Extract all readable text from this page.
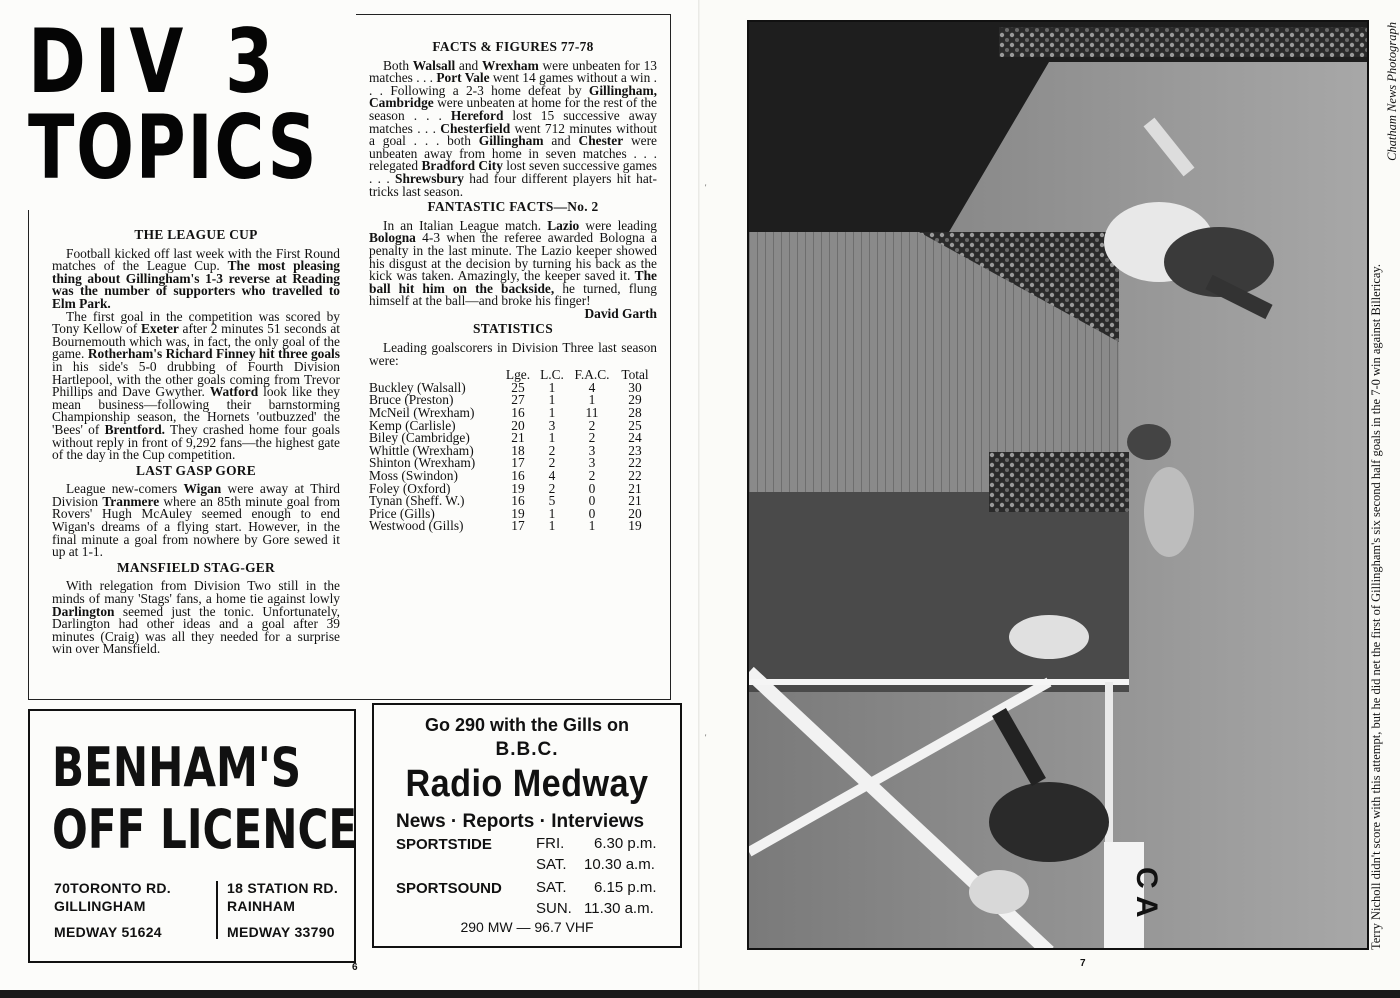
DIV 3
TOPICS
THE LEAGUE CUP

Football kicked off last week with the First Round matches of the League Cup. The most pleasing thing about Gillingham's 1-3 reverse at Reading was the number of supporters who travelled to Elm Park.

The first goal in the competition was scored by Tony Kellow of Exeter after 2 minutes 51 seconds at Bournemouth which was, in fact, the only goal of the game. Rotherham's Richard Finney hit three goals in his side's 5-0 drubbing of Fourth Division Hartlepool, with the other goals coming from Trevor Phillips and Dave Gwyther. Watford look like they mean business—following their barnstorming Championship season, the Hornets 'outbuzzed' the 'Bees' of Brentford. They crashed home four goals without reply in front of 9,292 fans—the highest gate of the day in the Cup competition.

LAST GASP GORE

League new-comers Wigan were away at Third Division Tranmere where an 85th minute goal from Rovers' Hugh McAuley seemed enough to end Wigan's dreams of a flying start. However, in the final minute a goal from nowhere by Gore sewed it up at 1-1.

MANSFIELD STAG-GER

With relegation from Division Two still in the minds of many 'Stags' fans, a home tie against lowly Darlington seemed just the tonic. Unfortunately, Darlington had other ideas and a goal after 39 minutes (Craig) was all they needed for a surprise win over Mansfield.

FACTS & FIGURES 77-78

Both Walsall and Wrexham were unbeaten for 13 matches . . . Port Vale went 14 games without a win . . . Following a 2-3 home defeat by Gillingham, Cambridge were unbeaten at home for the rest of the season . . . Hereford lost 15 successive away matches . . . Chesterfield went 712 minutes without a goal . . . both Gillingham and Chester were unbeaten away from home in seven matches . . . relegated Bradford City lost seven successive games . . . Shrewsbury had four different players hit hat-tricks last season.

FANTASTIC FACTS—No. 2

In an Italian League match. Lazio were leading Bologna 4-3 when the referee awarded Bologna a penalty in the last minute. The Lazio keeper showed his disgust at the decision by turning his back as the kick was taken. Amazingly, the keeper saved it. The ball hit him on the backside, he turned, flung himself at the ball—and broke his finger!
David Garth

STATISTICS

Leading goalscorers in Division Three last season were:

	Lge.	L.C.	F.A.C.	Total
Buckley (Walsall)	25	1	4	30
Bruce (Preston)	27	1	1	29
McNeil (Wrexham)	16	1	11	28
Kemp (Carlisle)	20	3	2	25
Biley (Cambridge)	21	1	2	24
Whittle (Wrexham)	18	2	3	23
Shinton (Wrexham)	17	2	3	22
Moss (Swindon)	16	4	2	22
Foley (Oxford)	19	2	0	21
Tynan (Sheff. W.)	16	5	0	21
Price (Gills)	19	1	0	20
Westwood (Gills)	17	1	1	19
BENHAM'S
OFF LICENCE
70TORONTO RD.
GILLINGHAM
MEDWAY 51624
18 STATION RD.
RAINHAM
MEDWAY 33790
Go 290 with the Gills on
B.B.C.
Radio Medway
News · Reports · Interviews
SPORTSTIDE	FRI. 6.30 p.m.
SAT. 10.30 a.m.
SPORTSOUND SAT. 6.15 p.m.
SUN. 11.30 a.m.
290 MW — 96.7 VHF
6	7
'
'
C A	Terry Nicholl didn't score with this attempt, but he did net the first of Gillingham's six second half goals in the 7-0 win against Billericay.
Chatham News Photograph
